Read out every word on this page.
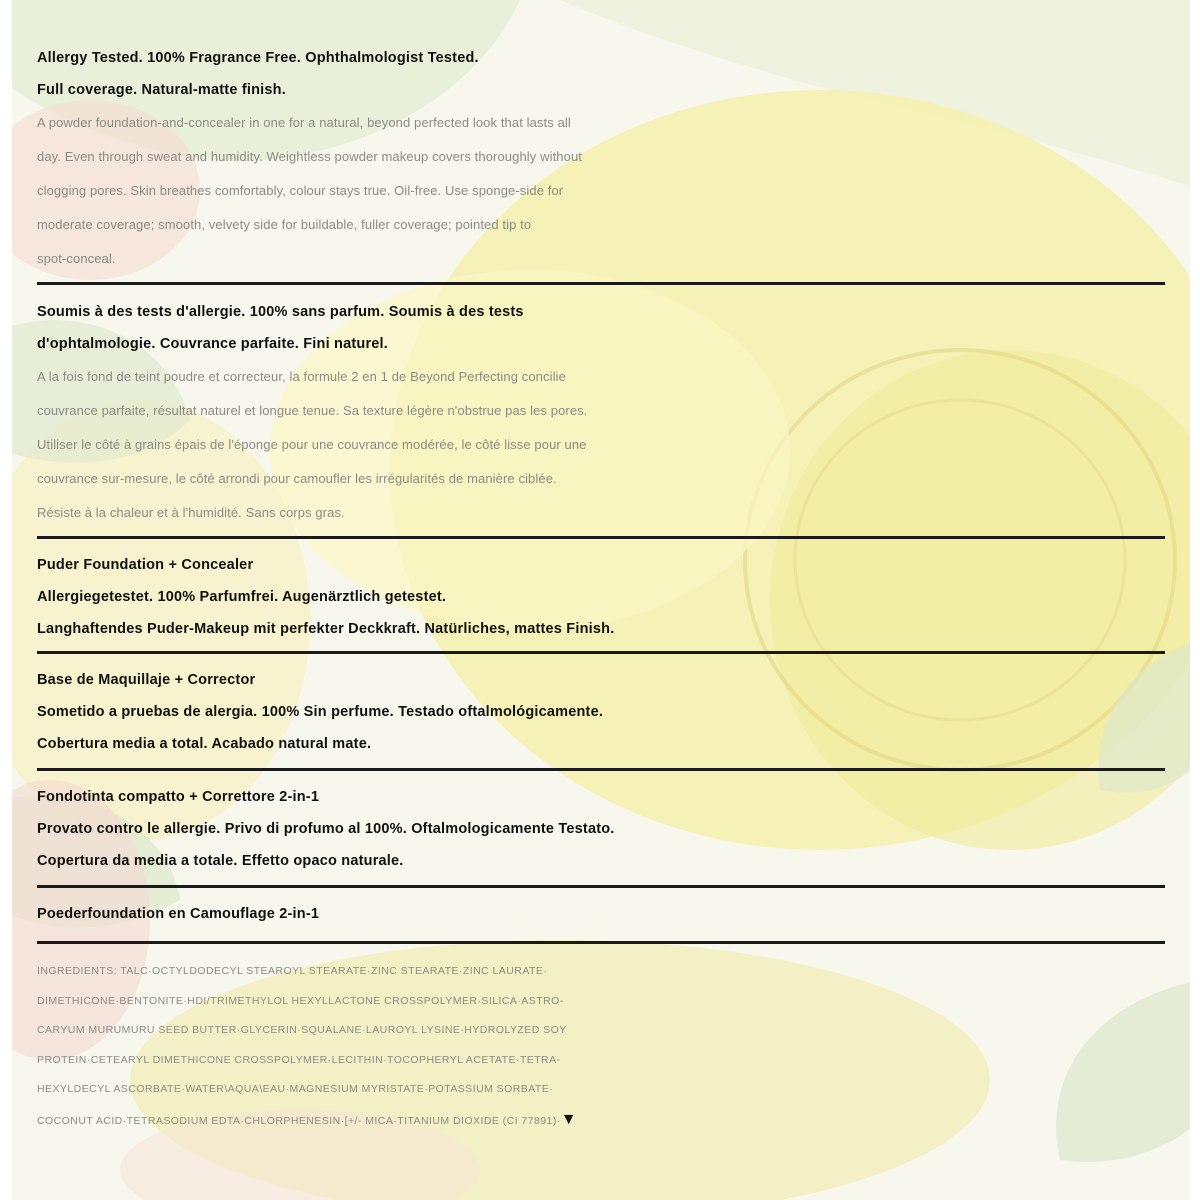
Allergy Tested. 100% Fragrance Free. Ophthalmologist Tested.
Full coverage. Natural-matte finish.
A powder foundation-and-concealer in one for a natural, beyond perfected look that lasts all
day. Even through sweat and humidity. Weightless powder makeup covers thoroughly without
clogging pores. Skin breathes comfortably, colour stays true. Oil-free. Use sponge-side for
moderate coverage; smooth, velvety side for buildable, fuller coverage; pointed tip to
spot-conceal.
Soumis à des tests d'allergie. 100% sans parfum. Soumis à des tests
d'ophtalmologie. Couvrance parfaite. Fini naturel.
A la fois fond de teint poudre et correcteur, la formule 2 en 1 de Beyond Perfecting concilie
couvrance parfaite, résultat naturel et longue tenue. Sa texture légère n'obstrue pas les pores.
Utiliser le côté à grains épais de l'éponge pour une couvrance modérée, le côté lisse pour une
couvrance sur-mesure, le côté arrondi pour camoufler les irrégularités de manière ciblée.
Résiste à la chaleur et à l'humidité. Sans corps gras.
Puder Foundation + Concealer
Allergiegetestet. 100% Parfumfrei. Augenärztlich getestet.
Langhaftendes Puder-Makeup mit perfekter Deckkraft. Natürliches, mattes Finish.
Base de Maquillaje + Corrector
Sometido a pruebas de alergia. 100% Sin perfume. Testado oftalmológicamente.
Cobertura media a total. Acabado natural mate.
Fondotinta compatto + Correttore 2-in-1
Provato contro le allergie. Privo di profumo al 100%. Oftalmologicamente Testato.
Copertura da media a totale. Effetto opaco naturale.
Poederfoundation en Camouflage 2-in-1
INGREDIENTS: TALC·OCTYLDODECYL STEAROYL STEARATE·ZINC STEARATE·ZINC LAURATE·
DIMETHICONE·BENTONITE·HDI/TRIMETHYLOL HEXYLLACTONE CROSSPOLYMER·SILICA·ASTRO-
CARYUM MURUMURU SEED BUTTER·GLYCERIN·SQUALANE·LAUROYL LYSINE·HYDROLYZED SOY
PROTEIN·CETEARYL DIMETHICONE CROSSPOLYMER·LECITHIN·TOCOPHERYL ACETATE·TETRA-
HEXYLDECYL ASCORBATE·WATER\AQUA\EAU·MAGNESIUM MYRISTATE·POTASSIUM SORBATE·
COCONUT ACID·TETRASODIUM EDTA·CHLORPHENESIN·[+/- MICA·TITANIUM DIOXIDE (CI 77891)·▼
